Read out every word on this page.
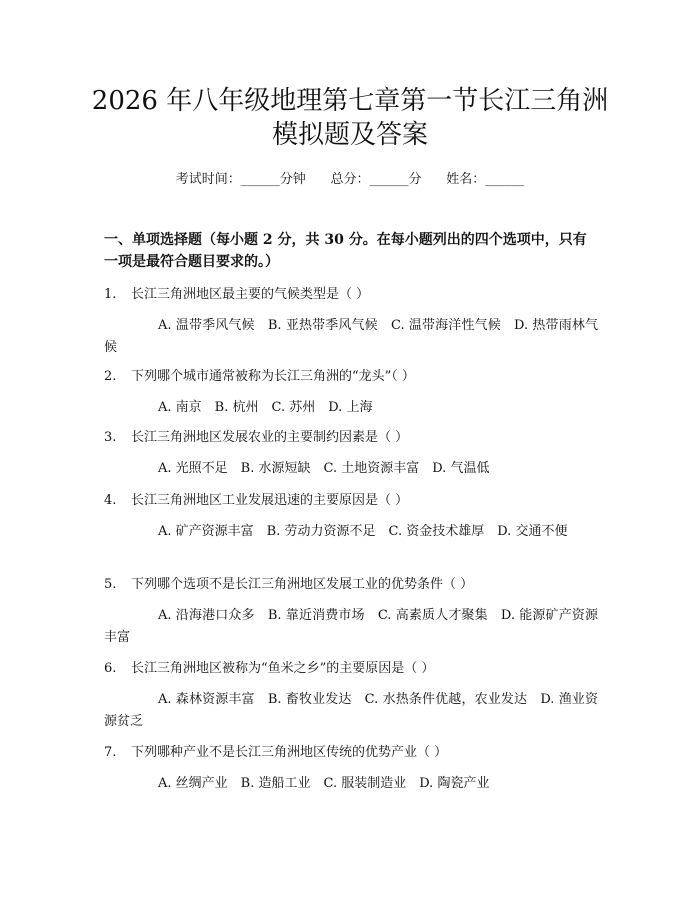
2026 年八年级地理第七章第一节长江三角洲
模拟题及答案
考试时间：______分钟      总分：______分      姓名：______
一、单项选择题（每小题 2 分，共 30 分。在每小题列出的四个选项中，只有一项是最符合题目要求的。）
1. 长江三角洲地区最主要的气候类型是（ ）
A. 温带季风气候　B. 亚热带季风气候　C. 温带海洋性气候　D. 热带雨林气候
2. 下列哪个城市通常被称为长江三角洲的“龙头”（ ）
A. 南京　B. 杭州　C. 苏州　D. 上海
3. 长江三角洲地区发展农业的主要制约因素是（ ）
A. 光照不足　B. 水源短缺　C. 土地资源丰富　D. 气温低
4. 长江三角洲地区工业发展迅速的主要原因是（ ）
A. 矿产资源丰富　B. 劳动力资源不足　C. 资金技术雄厚　D. 交通不便
5. 下列哪个选项不是长江三角洲地区发展工业的优势条件（ ）
A. 沿海港口众多　B. 靠近消费市场　C. 高素质人才聚集　D. 能源矿产资源丰富
6. 长江三角洲地区被称为“鱼米之乡”的主要原因是（ ）
A. 森林资源丰富　B. 畜牧业发达　C. 水热条件优越，农业发达　D. 渔业资源贫乏
7. 下列哪种产业不是长江三角洲地区传统的优势产业（ ）
A. 丝绸产业　B. 造船工业　C. 服装制造业　D. 陶瓷产业
